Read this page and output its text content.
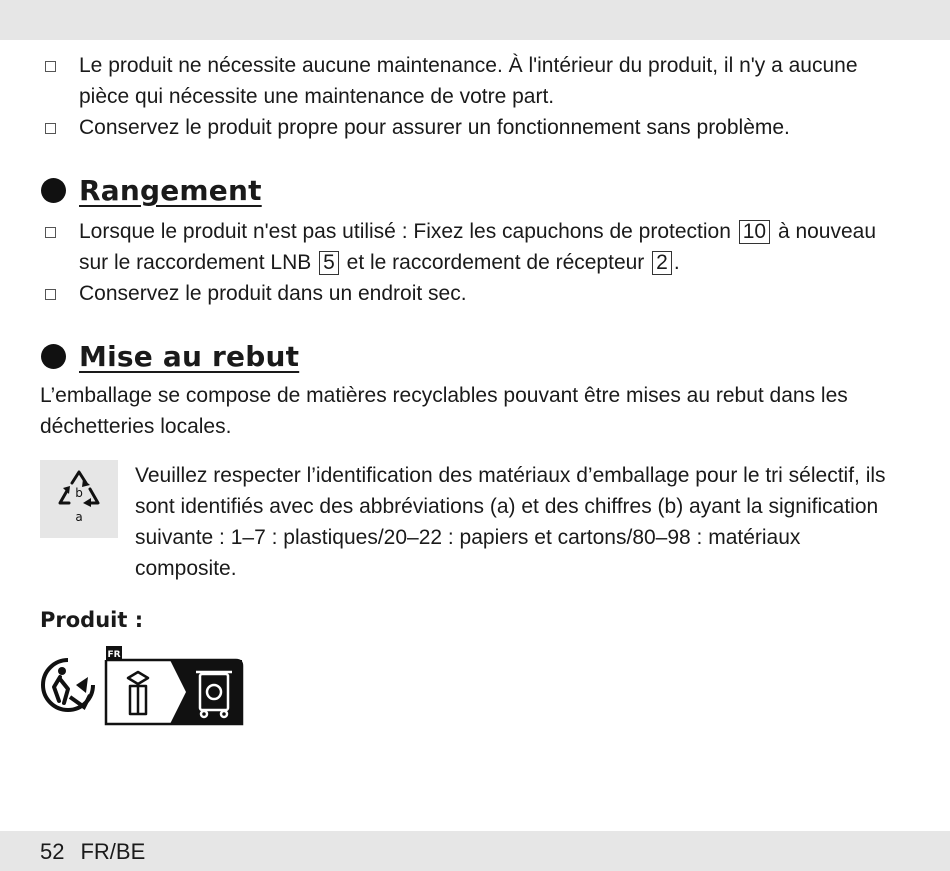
Le produit ne nécessite aucune maintenance. À l'intérieur du produit, il n'y a aucune pièce qui nécessite une maintenance de votre part.
Conservez le produit propre pour assurer un fonctionnement sans problème.
Rangement
Lorsque le produit n'est pas utilisé : Fixez les capuchons de protection 10 à nouveau sur le raccordement LNB 5 et le raccordement de récepteur 2 .
Conservez le produit dans un endroit sec.
Mise au rebut
L’emballage se compose de matières recyclables pouvant être mises au rebut dans les déchetteries locales.
b
a
Veuillez respecter l’identification des matériaux d’emballage pour le tri sélectif, ils sont identifiés avec des abbréviations (a) et des chiffres (b) ayant la signification suivante : 1–7 : plastiques/20–22 : papiers et cartons/80–98 : matériaux composite.
Produit :
FR
52 FR/BE
